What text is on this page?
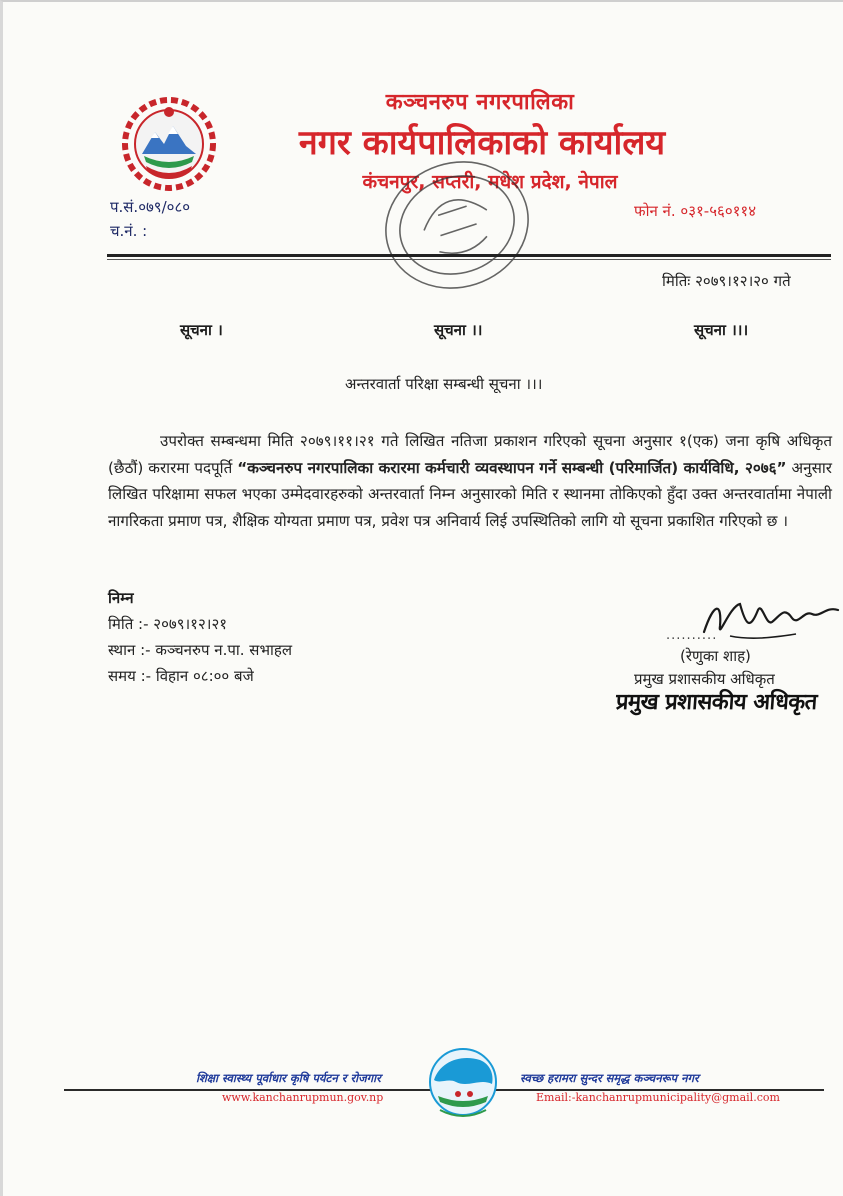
कञ्चनरुप नगरपालिका
नगर कार्यपालिकाको कार्यालय
कंचनपुर, सप्तरी, मधेश प्रदेश, नेपाल
प.सं.०७९/०८०
च.नं. :
फोन नं. ०३१-५६०११४
मितिः २०७९।१२।२० गते
सूचना ।	सूचना ।।	सूचना ।।।
अन्तरवार्ता परिक्षा सम्बन्धी सूचना ।।।
उपरोक्त सम्बन्धमा मिति २०७९।११।२१ गते लिखित नतिजा प्रकाशन गरिएको सूचना अनुसार १(एक) जना कृषि अधिकृत (छैठौं) करारमा पदपूर्ति “कञ्चनरुप नगरपालिका करारमा कर्मचारी व्यवस्थापन गर्ने सम्बन्धी (परिमार्जित) कार्यविधि, २०७६” अनुसार लिखित परिक्षामा सफल भएका उम्मेदवारहरुको अन्तरवार्ता निम्न अनुसारको मिति र स्थानमा तोकिएको हुँदा उक्त अन्तरवार्तामा नेपाली नागरिकता प्रमाण पत्र, शैक्षिक योग्यता प्रमाण पत्र, प्रवेश पत्र अनिवार्य लिई उपस्थितिको लागि यो सूचना प्रकाशित गरिएको छ ।
निम्न
मिति :- २०७९।१२।२१
स्थान :- कञ्चनरुप न.पा. सभाहल
समय :- विहान ०८:०० बजे
..........
(रेणुका शाह)
प्रमुख प्रशासकीय अधिकृत
प्रमुख प्रशासकीय अधिकृत
शिक्षा स्वास्थ्य पूर्वाधार कृषि पर्यटन र रोजगार	स्वच्छ हरामरा सुन्दर समृद्ध कञ्चनरूप नगर
www.kanchanrupmun.gov.np	Email:-kanchanrupmunicipality@gmail.com
